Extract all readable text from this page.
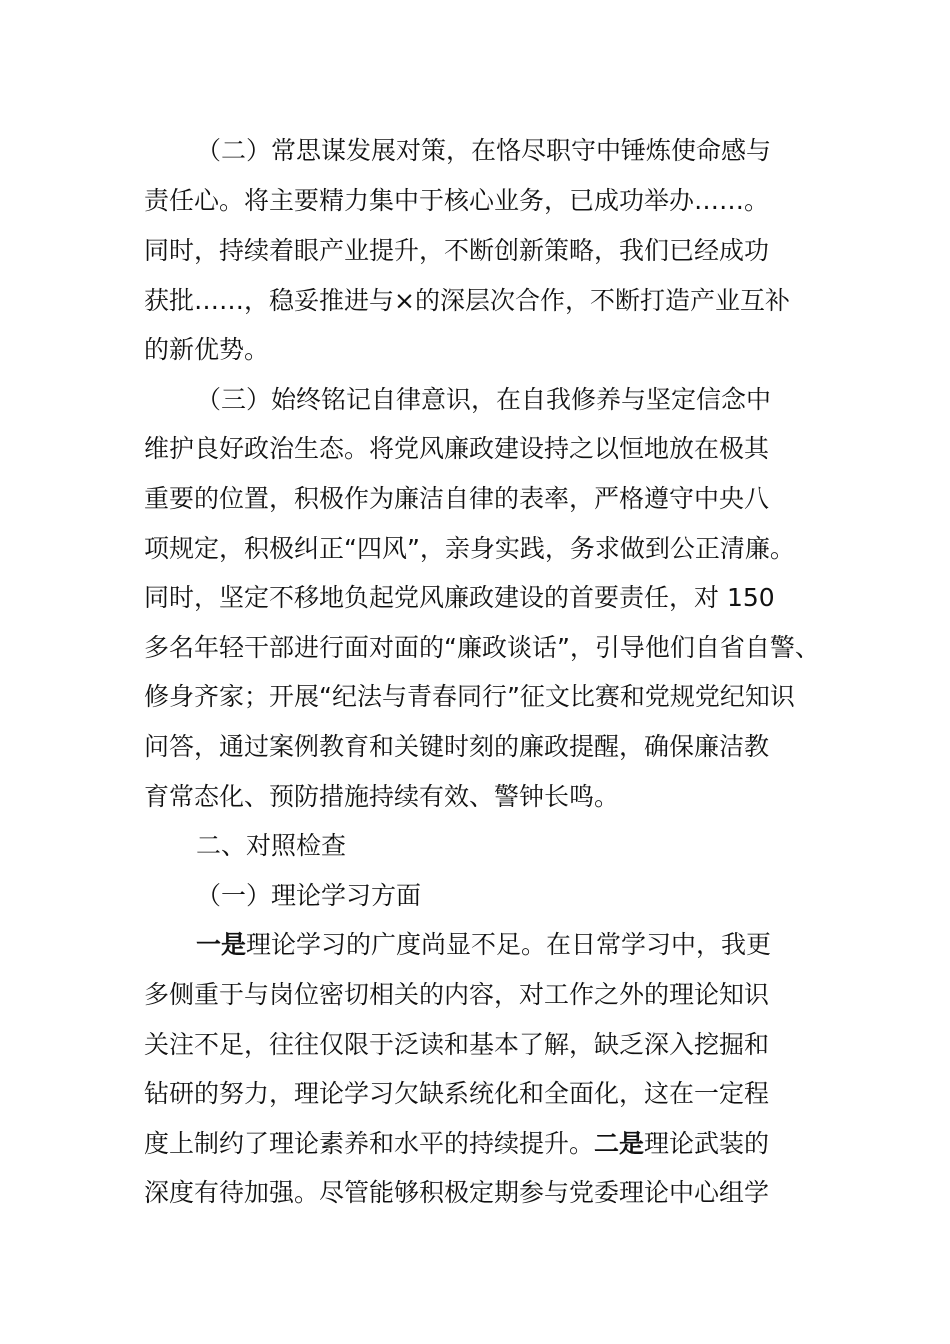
（二）常思谋发展对策，在恪尽职守中锤炼使命感与
责任心。将主要精力集中于核心业务，已成功举办……。
同时，持续着眼产业提升，不断创新策略，我们已经成功
获批……，稳妥推进与×的深层次合作，不断打造产业互补
的新优势。
（三）始终铭记自律意识，在自我修养与坚定信念中
维护良好政治生态。将党风廉政建设持之以恒地放在极其
重要的位置，积极作为廉洁自律的表率，严格遵守中央八
项规定，积极纠正“四风”，亲身实践，务求做到公正清廉。
同时，坚定不移地负起党风廉政建设的首要责任，对 150
多名年轻干部进行面对面的“廉政谈话”，引导他们自省自警、
修身齐家；开展“纪法与青春同行”征文比赛和党规党纪知识
问答，通过案例教育和关键时刻的廉政提醒，确保廉洁教
育常态化、预防措施持续有效、警钟长鸣。
二、对照检查
（一）理论学习方面
一是理论学习的广度尚显不足。在日常学习中，我更
多侧重于与岗位密切相关的内容，对工作之外的理论知识
关注不足，往往仅限于泛读和基本了解，缺乏深入挖掘和
钻研的努力，理论学习欠缺系统化和全面化，这在一定程
度上制约了理论素养和水平的持续提升。二是理论武装的
深度有待加强。尽管能够积极定期参与党委理论中心组学
